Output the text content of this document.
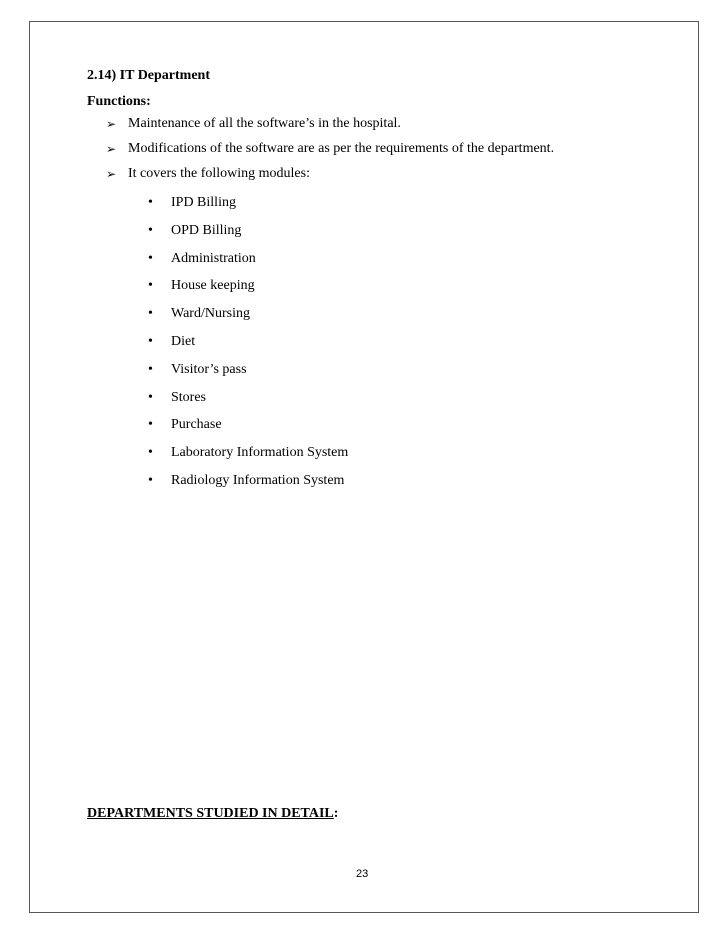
2.14) IT Department
Functions:
➢ Maintenance of all the software’s in the hospital.
➢ Modifications of the software are as per the requirements of the department.
➢ It covers the following modules:
•	IPD Billing
•	OPD Billing
•	Administration
•	House keeping
•	Ward/Nursing
•	Diet
•	Visitor’s pass
•	Stores
•	Purchase
•	Laboratory Information System
•	Radiology Information System
DEPARTMENTS STUDIED IN DETAIL:
23
